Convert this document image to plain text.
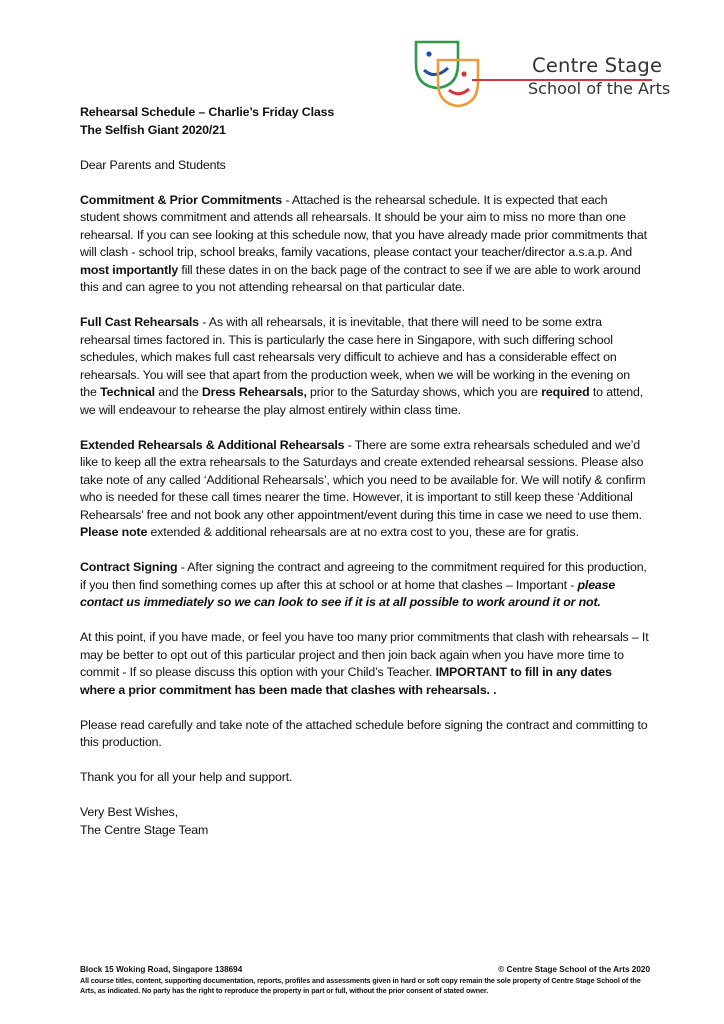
Centre Stage
School of the Arts

Rehearsal Schedule – Charlie’s Friday Class

The Selfish Giant 2020/21

Dear Parents and Students

Commitment & Prior Commitments - Attached is the rehearsal schedule. It is expected that each student shows commitment and attends all rehearsals. It should be your aim to miss no more than one rehearsal. If you can see looking at this schedule now, that you have already made prior commitments that will clash - school trip, school breaks, family vacations, please contact your teacher/director a.s.a.p. And most importantly fill these dates in on the back page of the contract to see if we are able to work around this and can agree to you not attending rehearsal on that particular date.

Full Cast Rehearsals - As with all rehearsals, it is inevitable, that there will need to be some extra rehearsal times factored in. This is particularly the case here in Singapore, with such differing school schedules, which makes full cast rehearsals very difficult to achieve and has a considerable effect on rehearsals. You will see that apart from the production week, when we will be working in the evening on the Technical and the Dress Rehearsals, prior to the Saturday shows, which you are required to attend, we will endeavour to rehearse the play almost entirely within class time.

Extended Rehearsals & Additional Rehearsals - There are some extra rehearsals scheduled and we’d like to keep all the extra rehearsals to the Saturdays and create extended rehearsal sessions. Please also take note of any called ‘Additional Rehearsals’, which you need to be available for. We will notify & confirm who is needed for these call times nearer the time. However, it is important to still keep these ‘Additional Rehearsals’ free and not book any other appointment/event during this time in case we need to use them. Please note extended & additional rehearsals are at no extra cost to you, these are for gratis.

Contract Signing - After signing the contract and agreeing to the commitment required for this production, if you then find something comes up after this at school or at home that clashes – Important - please contact us immediately so we can look to see if it is at all possible to work around it or not.

At this point, if you have made, or feel you have too many prior commitments that clash with rehearsals – It may be better to opt out of this particular project and then join back again when you have more time to commit - If so please discuss this option with your Child’s Teacher. IMPORTANT to fill in any dates where a prior commitment has been made that clashes with rehearsals. .

Please read carefully and take note of the attached schedule before signing the contract and committing to this production.

Thank you for all your help and support.

Very Best Wishes,
The Centre Stage Team
Block 15 Woking Road, Singapore 138694	© Centre Stage School of the Arts 2020
All course titles, content, supporting documentation, reports, profiles and assessments given in hard or soft copy remain the sole property of Centre Stage School of the Arts, as indicated. No party has the right to reproduce the property in part or full, without the prior consent of stated owner.
